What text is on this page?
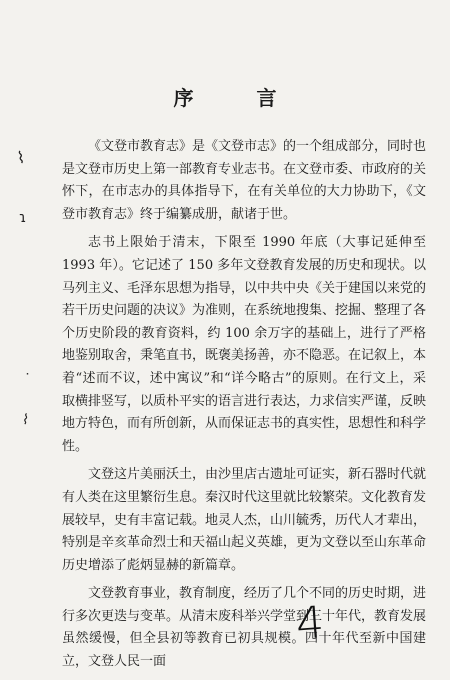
⌇
ɿ
˙
⌇
序 言

《文登市教育志》是《文登市志》的一个组成部分，同时也是文登市历史上第一部教育专业志书。在文登市委、市政府的关怀下，在市志办的具体指导下，在有关单位的大力协助下，《文登市教育志》终于编纂成册，献诸于世。

志书上限始于清末，下限至 1990 年底（大事记延伸至 1993 年）。它记述了 150 多年文登教育发展的历史和现状。以马列主义、毛泽东思想为指导，以中共中央《关于建国以来党的若干历史问题的决议》为准则，在系统地搜集、挖掘、整理了各个历史阶段的教育资料，约 100 余万字的基础上，进行了严格地鉴别取舍，秉笔直书，既褒美扬善，亦不隐恶。在记叙上，本着“述而不议，述中寓议”和“详今略古”的原则。在行文上，采取横排竖写，以质朴平实的语言进行表达，力求信实严谨，反映地方特色，而有所创新，从而保证志书的真实性，思想性和科学性。

文登这片美丽沃土，由沙里店古遗址可证实，新石器时代就有人类在这里繁衍生息。秦汉时代这里就比较繁荣。文化教育发展较早，史有丰富记载。地灵人杰，山川毓秀，历代人才辈出，特别是辛亥革命烈士和天福山起义英雄，更为文登以至山东革命历史增添了彪炳显赫的新篇章。

文登教育事业，教育制度，经历了几个不同的历史时期，进行多次更迭与变革。从清末废科举兴学堂到三十年代，教育发展虽然缓慢，但全县初等教育已初具规模。四十年代至新中国建立，文登人民一面

4
